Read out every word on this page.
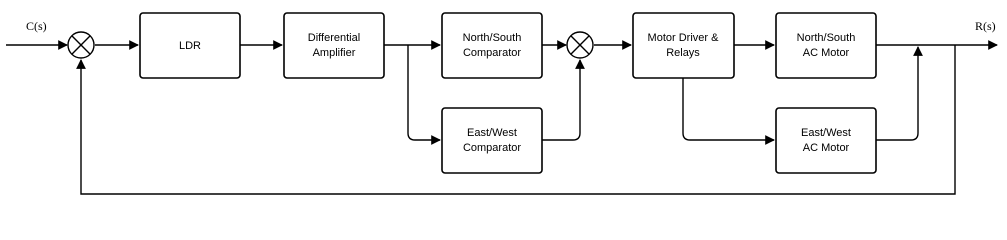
LDR
Differential
Amplifier
North/South
Comparator
East/West
Comparator
Motor Driver &
Relays
North/South
AC Motor
East/West
AC Motor
C(s)	R(s)
